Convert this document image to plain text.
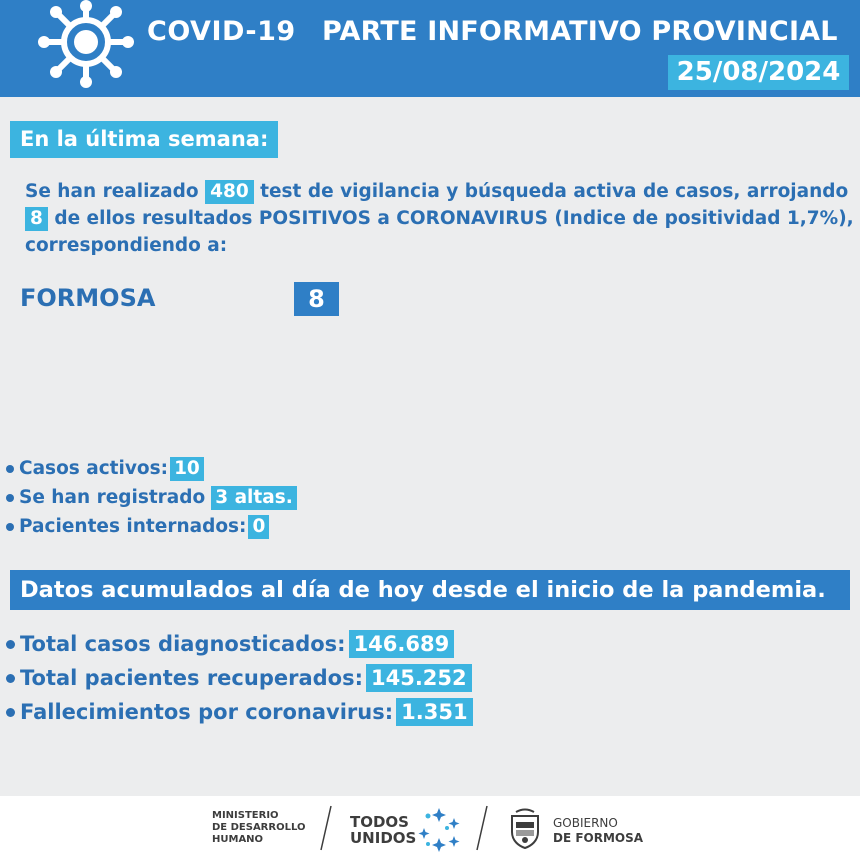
COVID-19 PARTE INFORMATIVO PROVINCIAL
25/08/2024
En la última semana:
Se han realizado 480 test de vigilancia y búsqueda activa de casos, arrojando
8 de ellos resultados POSITIVOS a CORONAVIRUS (Indice de positividad 1,7%),
correspondiendo a:
FORMOSA	8
Casos activos: 10
Se han registrado 3 altas.
Pacientes internados: 0
Datos acumulados al día de hoy desde el inicio de la pandemia.
Total casos diagnosticados: 146.689
Total pacientes recuperados: 145.252
Fallecimientos por coronavirus: 1.351
MINISTERIO
DE DESARROLLO
HUMANO
TODOS
UNIDOS
GOBIERNO
DE FORMOSA
